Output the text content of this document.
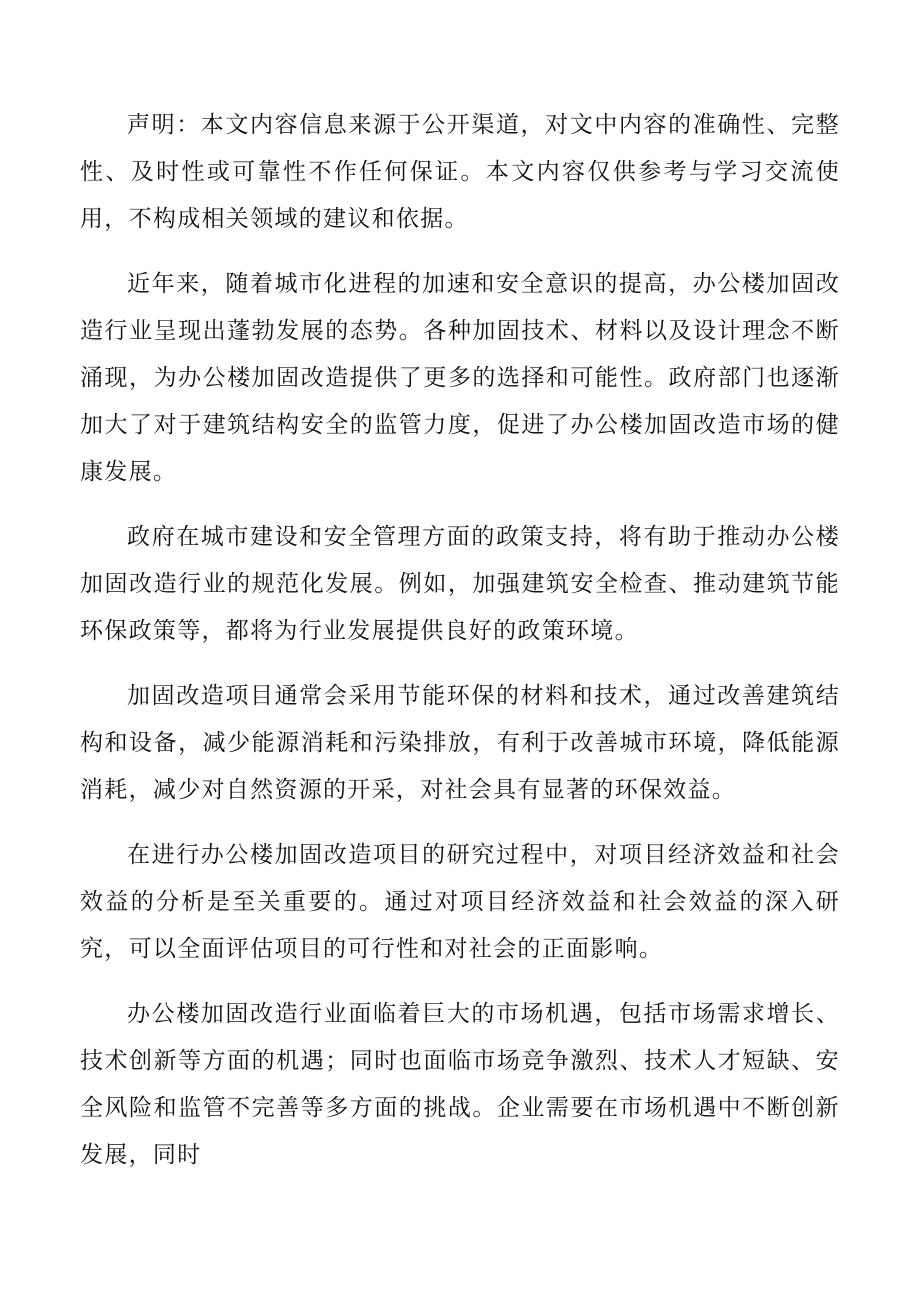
声明：本文内容信息来源于公开渠道，对文中内容的准确性、完整性、及时性或可靠性不作任何保证。本文内容仅供参考与学习交流使用，不构成相关领域的建议和依据。

近年来，随着城市化进程的加速和安全意识的提高，办公楼加固改造行业呈现出蓬勃发展的态势。各种加固技术、材料以及设计理念不断涌现，为办公楼加固改造提供了更多的选择和可能性。政府部门也逐渐加大了对于建筑结构安全的监管力度，促进了办公楼加固改造市场的健康发展。

政府在城市建设和安全管理方面的政策支持，将有助于推动办公楼加固改造行业的规范化发展。例如，加强建筑安全检查、推动建筑节能环保政策等，都将为行业发展提供良好的政策环境。

加固改造项目通常会采用节能环保的材料和技术，通过改善建筑结构和设备，减少能源消耗和污染排放，有利于改善城市环境，降低能源消耗，减少对自然资源的开采，对社会具有显著的环保效益。

在进行办公楼加固改造项目的研究过程中，对项目经济效益和社会效益的分析是至关重要的。通过对项目经济效益和社会效益的深入研究，可以全面评估项目的可行性和对社会的正面影响。

办公楼加固改造行业面临着巨大的市场机遇，包括市场需求增长、技术创新等方面的机遇；同时也面临市场竞争激烈、技术人才短缺、安全风险和监管不完善等多方面的挑战。企业需要在市场机遇中不断创新发展，同时
